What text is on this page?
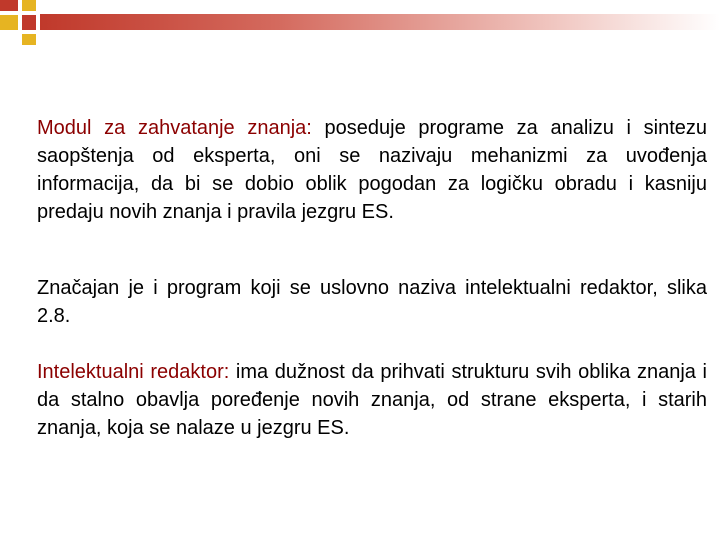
Modul za zahvatanje znanja: poseduje programe za analizu i sintezu saopštenja od eksperta, oni se nazivaju mehanizmi za uvođenja informacija, da bi se dobio oblik pogodan za logičku obradu i kasniju predaju novih znanja i pravila jezgru ES.

Značajan je i program koji se uslovno naziva intelektualni redaktor, slika 2.8.

Intelektualni redaktor: ima dužnost da prihvati strukturu svih oblika znanja i da stalno obavlja poređenje novih znanja, od strane eksperta, i starih znanja, koja se nalaze u jezgru ES.
